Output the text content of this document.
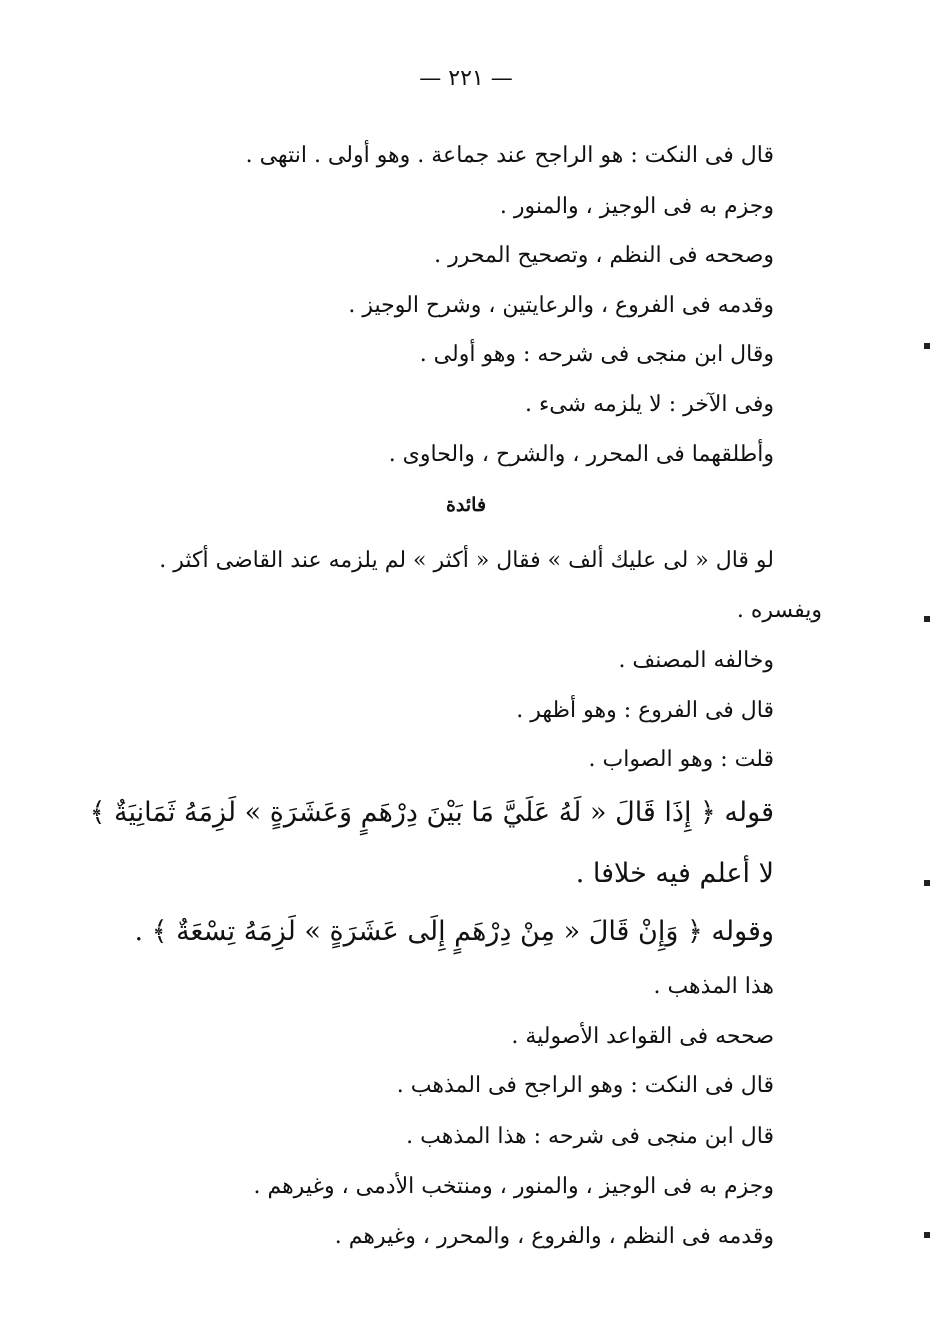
— ٢٢١ —
قال فى النكت : هو الراجح عند جماعة . وهو أولى . انتهى .
وجزم به فى الوجيز ، والمنور .
وصححه فى النظم ، وتصحيح المحرر .
وقدمه فى الفروع ، والرعايتين ، وشرح الوجيز .
وقال ابن منجى فى شرحه : وهو أولى .
وفى الآخر : لا يلزمه شىء .
وأطلقهما فى المحرر ، والشرح ، والحاوى .
فائدة
لو قال « لى عليك ألف » فقال « أكثر » لم يلزمه عند القاضى أكثر .
ويفسره .
وخالفه المصنف .
قال فى الفروع : وهو أظهر .
قلت : وهو الصواب .
قوله ﴿ إِذَا قَالَ « لَهُ عَلَيَّ مَا بَيْنَ دِرْهَمٍ وَعَشَرَةٍ » لَزِمَهُ ثَمَانِيَةٌ ﴾
لا أعلم فيه خلافا .
وقوله ﴿ وَإِنْ قَالَ « مِنْ دِرْهَمٍ إِلَى عَشَرَةٍ » لَزِمَهُ تِسْعَةٌ ﴾ .
هذا المذهب .
صححه فى القواعد الأصولية .
قال فى النكت : وهو الراجح فى المذهب .
قال ابن منجى فى شرحه : هذا المذهب .
وجزم به فى الوجيز ، والمنور ، ومنتخب الأدمى ، وغيرهم .
وقدمه فى النظم ، والفروع ، والمحرر ، وغيرهم .
